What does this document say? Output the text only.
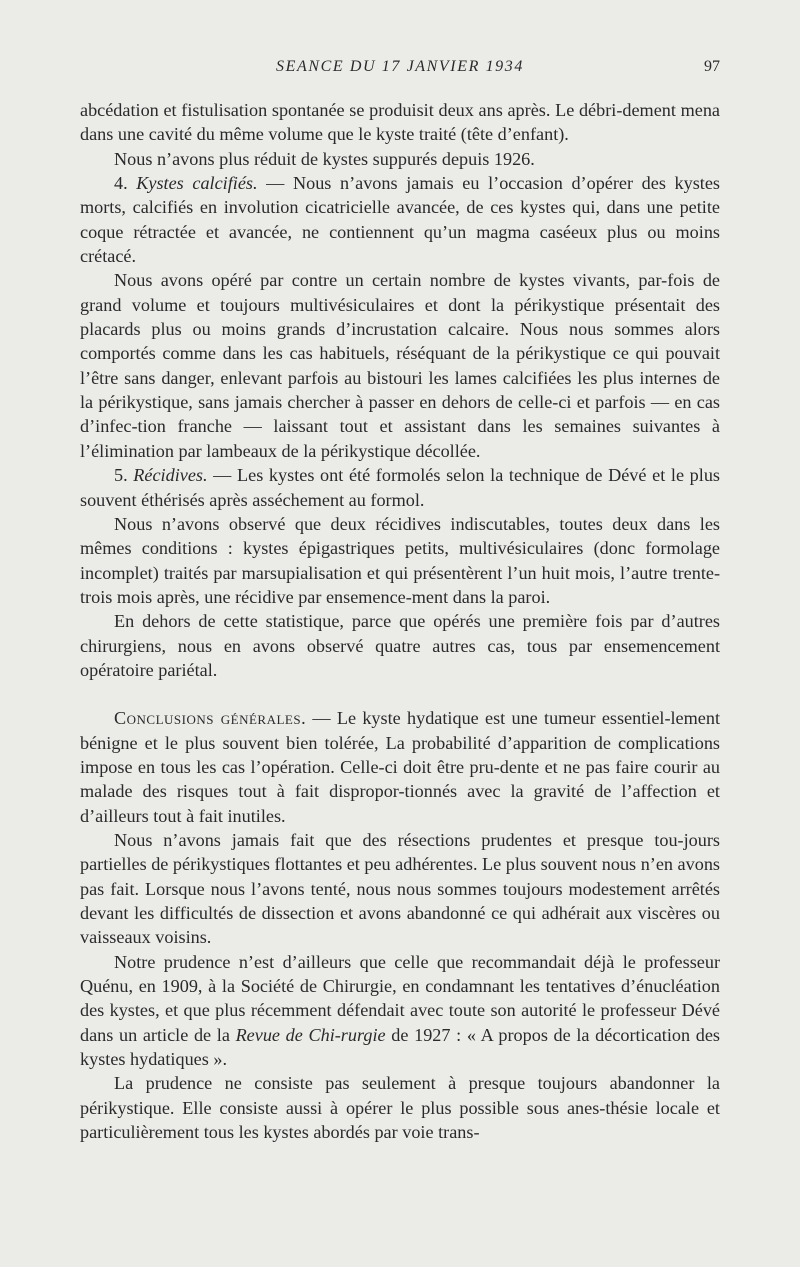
SEANCE DU 17 JANVIER 1934	97

abcédation et fistulisation spontanée se produisit deux ans après. Le débri-dement mena dans une cavité du même volume que le kyste traité (tête d’enfant).

Nous n’avons plus réduit de kystes suppurés depuis 1926.

4. Kystes calcifiés. — Nous n’avons jamais eu l’occasion d’opérer des kystes morts, calcifiés en involution cicatricielle avancée, de ces kystes qui, dans une petite coque rétractée et avancée, ne contiennent qu’un magma caséeux plus ou moins crétacé.

Nous avons opéré par contre un certain nombre de kystes vivants, par-fois de grand volume et toujours multivésiculaires et dont la périkystique présentait des placards plus ou moins grands d’incrustation calcaire. Nous nous sommes alors comportés comme dans les cas habituels, réséquant de la périkystique ce qui pouvait l’être sans danger, enlevant parfois au bistouri les lames calcifiées les plus internes de la périkystique, sans jamais chercher à passer en dehors de celle-ci et parfois — en cas d’infec-tion franche — laissant tout et assistant dans les semaines suivantes à l’élimination par lambeaux de la périkystique décollée.

5. Récidives. — Les kystes ont été formolés selon la technique de Dévé et le plus souvent éthérisés après asséchement au formol.

Nous n’avons observé que deux récidives indiscutables, toutes deux dans les mêmes conditions : kystes épigastriques petits, multivésiculaires (donc formolage incomplet) traités par marsupialisation et qui présentèrent l’un huit mois, l’autre trente-trois mois après, une récidive par ensemence-ment dans la paroi.

En dehors de cette statistique, parce que opérés une première fois par d’autres chirurgiens, nous en avons observé quatre autres cas, tous par ensemencement opératoire pariétal.

Conclusions générales. — Le kyste hydatique est une tumeur essentiel-lement bénigne et le plus souvent bien tolérée, La probabilité d’apparition de complications impose en tous les cas l’opération. Celle-ci doit être pru-dente et ne pas faire courir au malade des risques tout à fait dispropor-tionnés avec la gravité de l’affection et d’ailleurs tout à fait inutiles.

Nous n’avons jamais fait que des résections prudentes et presque tou-jours partielles de périkystiques flottantes et peu adhérentes. Le plus souvent nous n’en avons pas fait. Lorsque nous l’avons tenté, nous nous sommes toujours modestement arrêtés devant les difficultés de dissection et avons abandonné ce qui adhérait aux viscères ou vaisseaux voisins.

Notre prudence n’est d’ailleurs que celle que recommandait déjà le professeur Quénu, en 1909, à la Société de Chirurgie, en condamnant les tentatives d’énucléation des kystes, et que plus récemment défendait avec toute son autorité le professeur Dévé dans un article de la Revue de Chi-rurgie de 1927 : « A propos de la décortication des kystes hydatiques ».

La prudence ne consiste pas seulement à presque toujours abandonner la périkystique. Elle consiste aussi à opérer le plus possible sous anes-thésie locale et particulièrement tous les kystes abordés par voie trans-
